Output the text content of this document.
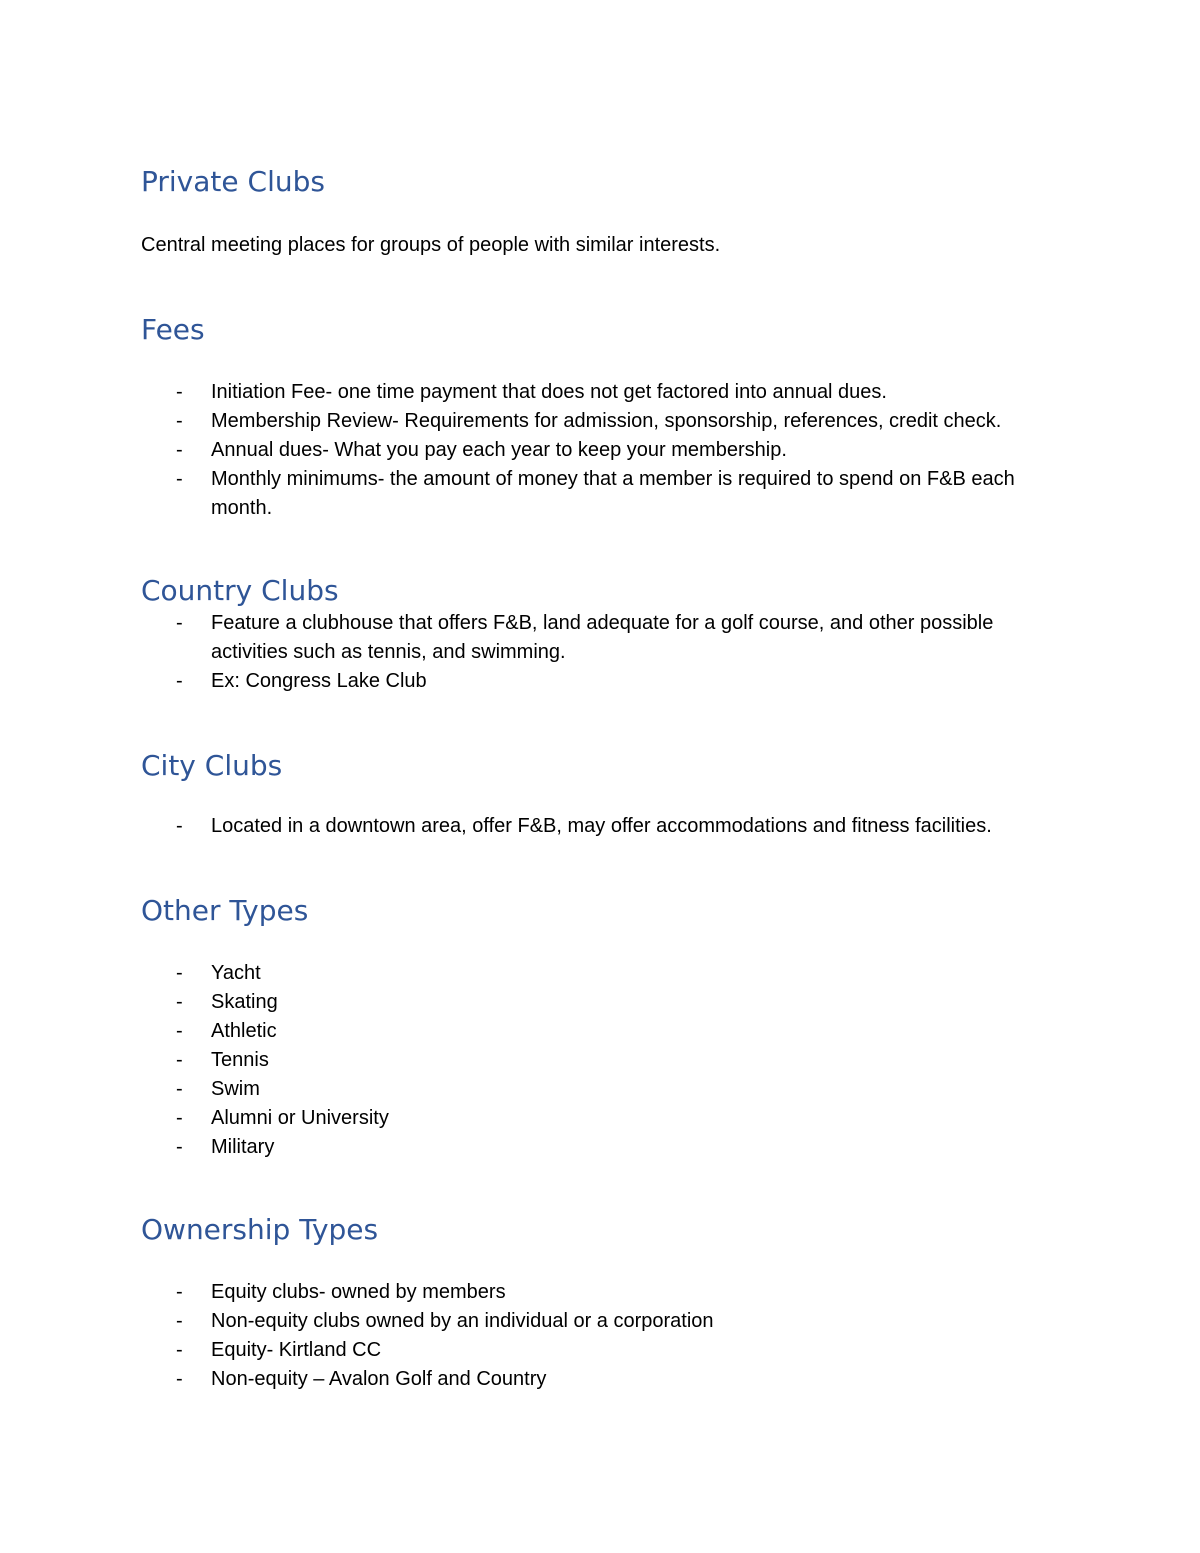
Private Clubs

Central meeting places for groups of people with similar interests.

Fees
- Initiation Fee- one time payment that does not get factored into annual dues.
- Membership Review- Requirements for admission, sponsorship, references, credit check.
- Annual dues- What you pay each year to keep your membership.
- Monthly minimums- the amount of money that a member is required to spend on F&B each month.
Country Clubs
- Feature a clubhouse that offers F&B, land adequate for a golf course, and other possible activities such as tennis, and swimming.
- Ex: Congress Lake Club
City Clubs
- Located in a downtown area, offer F&B, may offer accommodations and fitness facilities.
Other Types
- Yacht
- Skating
- Athletic
- Tennis
- Swim
- Alumni or University
- Military
Ownership Types
- Equity clubs- owned by members
- Non-equity clubs owned by an individual or a corporation
- Equity- Kirtland CC
- Non-equity – Avalon Golf and Country
